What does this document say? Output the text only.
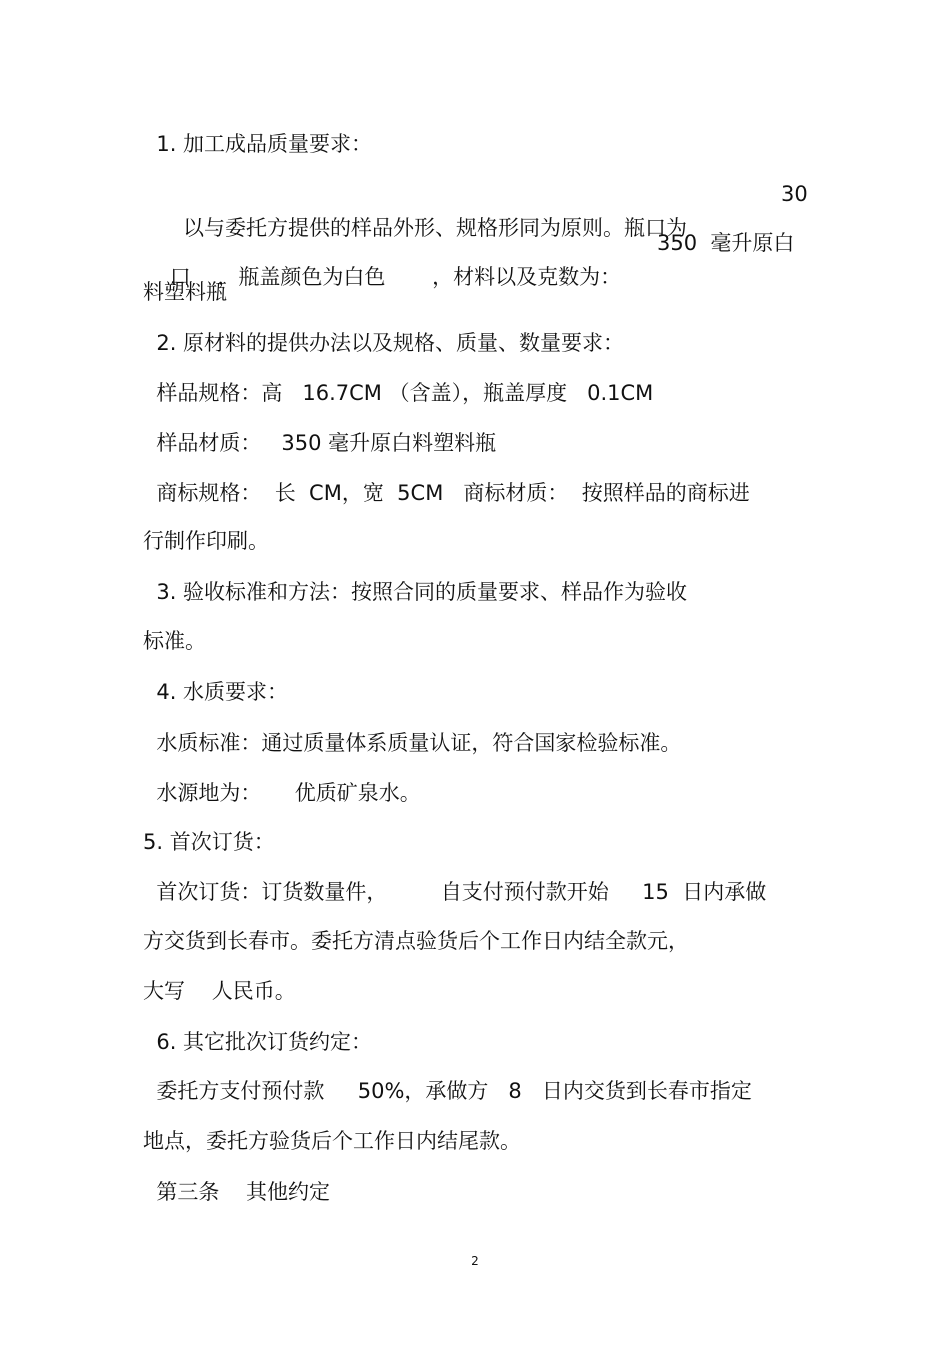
1. 加工成品质量要求：

以与委托方提供的样品外形、规格形同为原则。瓶口为

30

口    ，瓶盖颜色为白色       ，材料以及克数为：

350  毫升原白

料塑料瓶
2. 原材料的提供办法以及规格、质量、数量要求：
样品规格：高   16.7CM （含盖），瓶盖厚度   0.1CM
样品材质：   350 毫升原白料塑料瓶
商标规格：  长  CM，宽  5CM   商标材质：  按照样品的商标进
行制作印刷。
3. 验收标准和方法：按照合同的质量要求、样品作为验收
标准。
4. 水质要求：
水质标准：通过质量体系质量认证，符合国家检验标准。
水源地为：     优质矿泉水。
5. 首次订货：
首次订货：订货数量件，        自支付预付款开始     15  日内承做
方交货到长春市。委托方清点验货后个工作日内结全款元，
大写    人民币。
6. 其它批次订货约定：
委托方支付预付款     50%，承做方   8   日内交货到长春市指定
地点，委托方验货后个工作日内结尾款。
第三条    其他约定
2
